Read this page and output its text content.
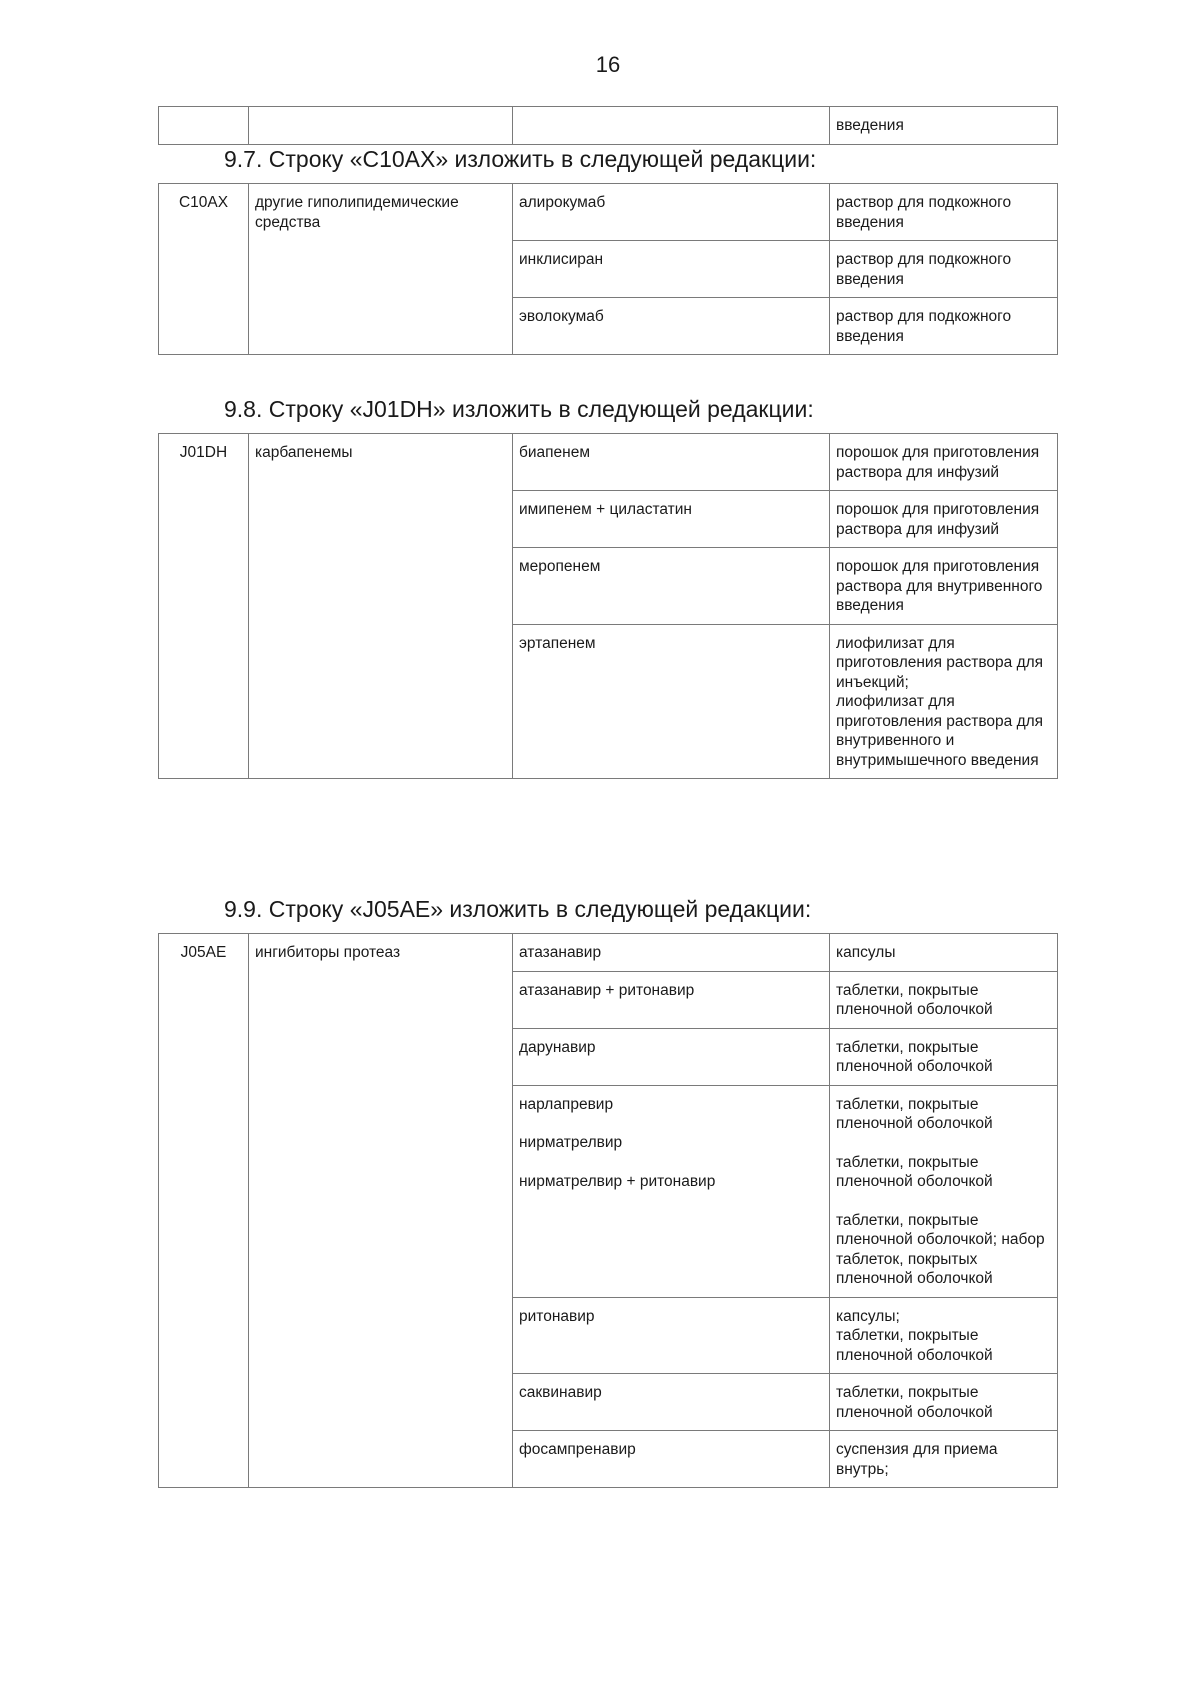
16
			введения
9.7. Строку «C10AX» изложить в следующей редакции:
C10AX	другие гиполипидемические средства	алирокумаб	раствор для подкожного введения

		инклисиран	раствор для подкожного введения

		эволокумаб	раствор для подкожного введения
9.8. Строку «J01DH» изложить в следующей редакции:
J01DH	карбапенемы	биапенем	порошок для приготовления раствора для инфузий

		имипенем + циластатин	порошок для приготовления раствора для инфузий

		меропенем	порошок для приготовления раствора для внутривенного введения

		эртапенем	лиофилизат для приготовления раствора для инъекций;
лиофилизат для приготовления раствора для внутривенного и внутримышечного введения
9.9. Строку «J05AE» изложить в следующей редакции:
J05AE	ингибиторы протеаз	атазанавир	капсулы

		атазанавир + ритонавир	таблетки, покрытые пленочной оболочкой

		дарунавир	таблетки, покрытые пленочной оболочкой

		нарлапревир
нирматрелвир
нирматрелвир + ритонавир	таблетки, покрытые пленочной оболочкой
таблетки, покрытые пленочной оболочкой
таблетки, покрытые пленочной оболочкой; набор таблеток, покрытых пленочной оболочкой

		ритонавир	капсулы;
таблетки, покрытые пленочной оболочкой

		саквинавир	таблетки, покрытые пленочной оболочкой

		фосампренавир	суспензия для приема внутрь;
